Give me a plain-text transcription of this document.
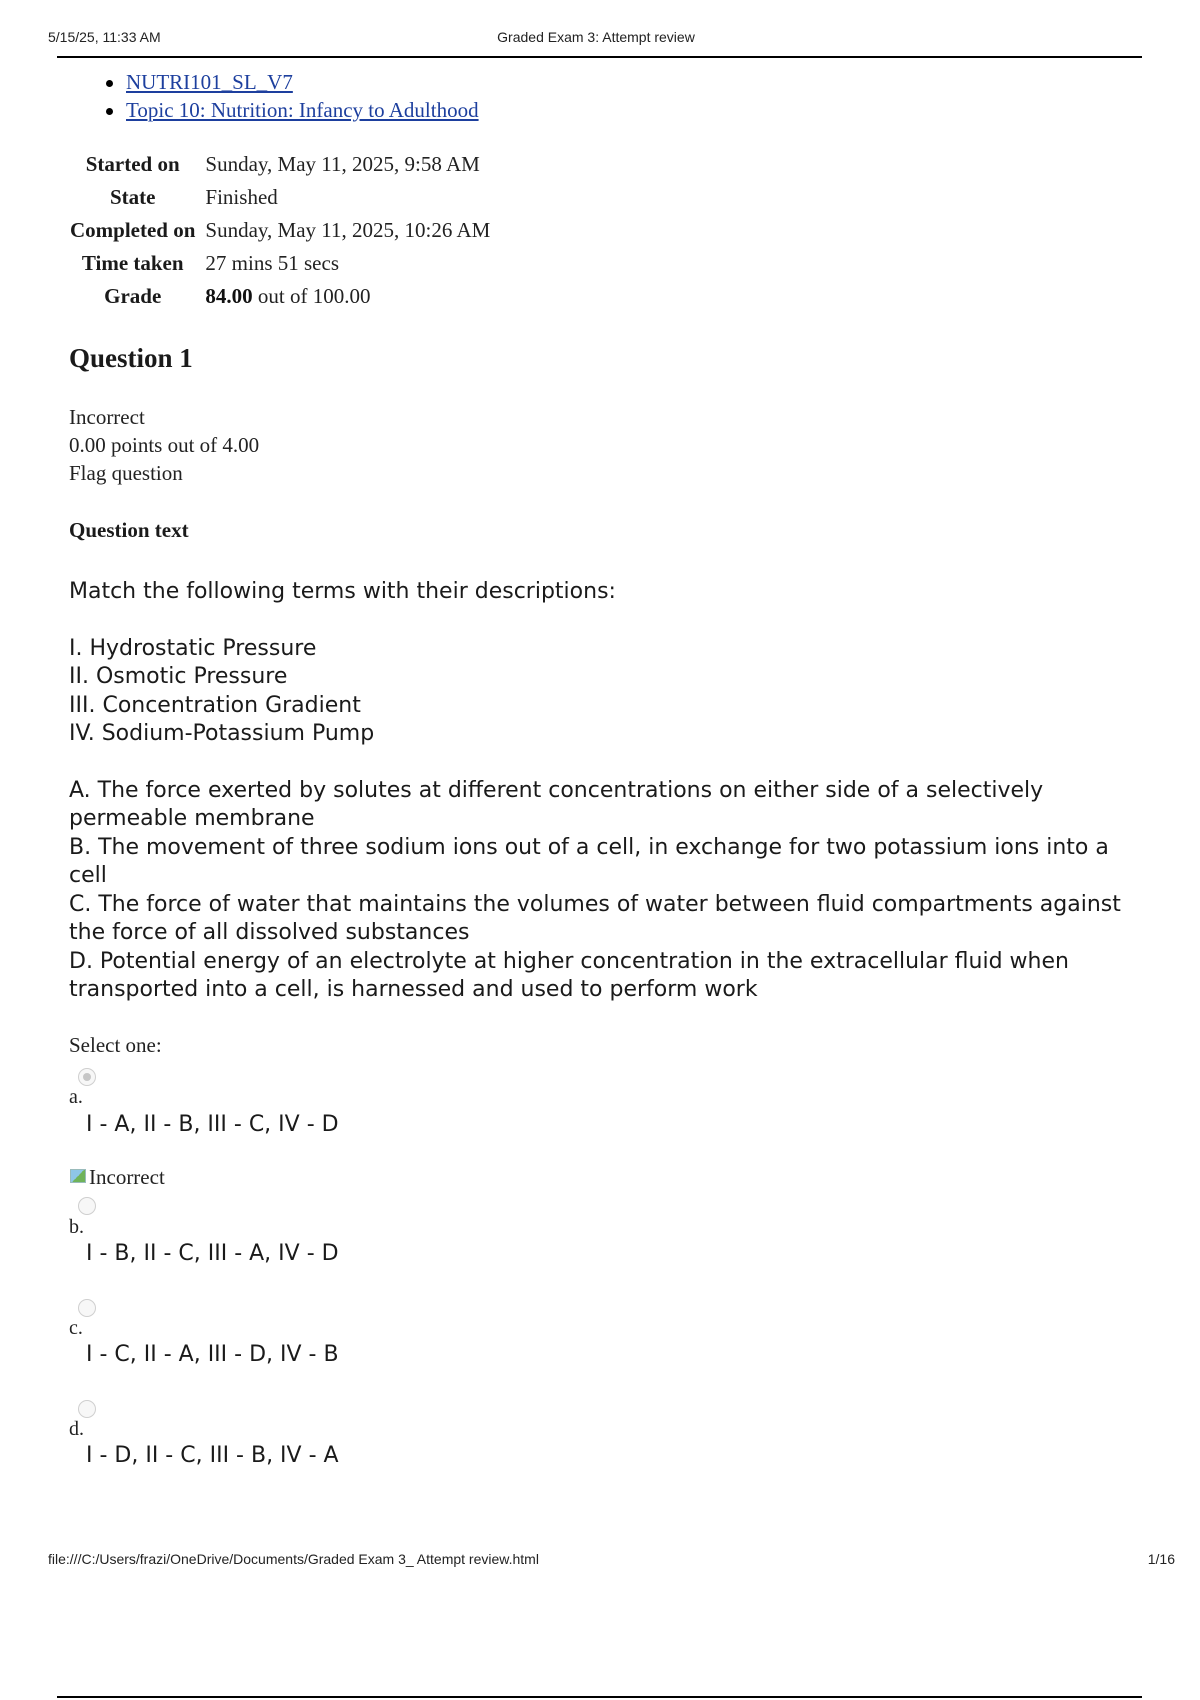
5/15/25, 11:33 AM	Graded Exam 3: Attempt review
NUTRI101_SL_V7
Topic 10: Nutrition: Infancy to Adulthood
Started on	Sunday, May 11, 2025, 9:58 AM
State	Finished
Completed on	Sunday, May 11, 2025, 10:26 AM
Time taken	27 mins 51 secs
Grade	84.00 out of 100.00
Question 1
Incorrect
0.00 points out of 4.00
Flag question
Question text

Match the following terms with their descriptions:

I. Hydrostatic Pressure
II. Osmotic Pressure
III. Concentration Gradient
IV. Sodium-Potassium Pump
A. The force exerted by solutes at different concentrations on either side of a selectively permeable membrane
B. The movement of three sodium ions out of a cell, in exchange for two potassium ions into a cell
C. The force of water that maintains the volumes of water between fluid compartments against the force of all dissolved substances
D. Potential energy of an electrolyte at higher concentration in the extracellular fluid when transported into a cell, is harnessed and used to perform work
Select one:
a.
I - A, II - B, III - C, IV - D
Incorrect
b.
I - B, II - C, III - A, IV - D
c.
I - C, II - A, III - D, IV - B
d.
I - D, II - C, III - B, IV - A
file:///C:/Users/frazi/OneDrive/Documents/Graded Exam 3_ Attempt review.html	1/16
